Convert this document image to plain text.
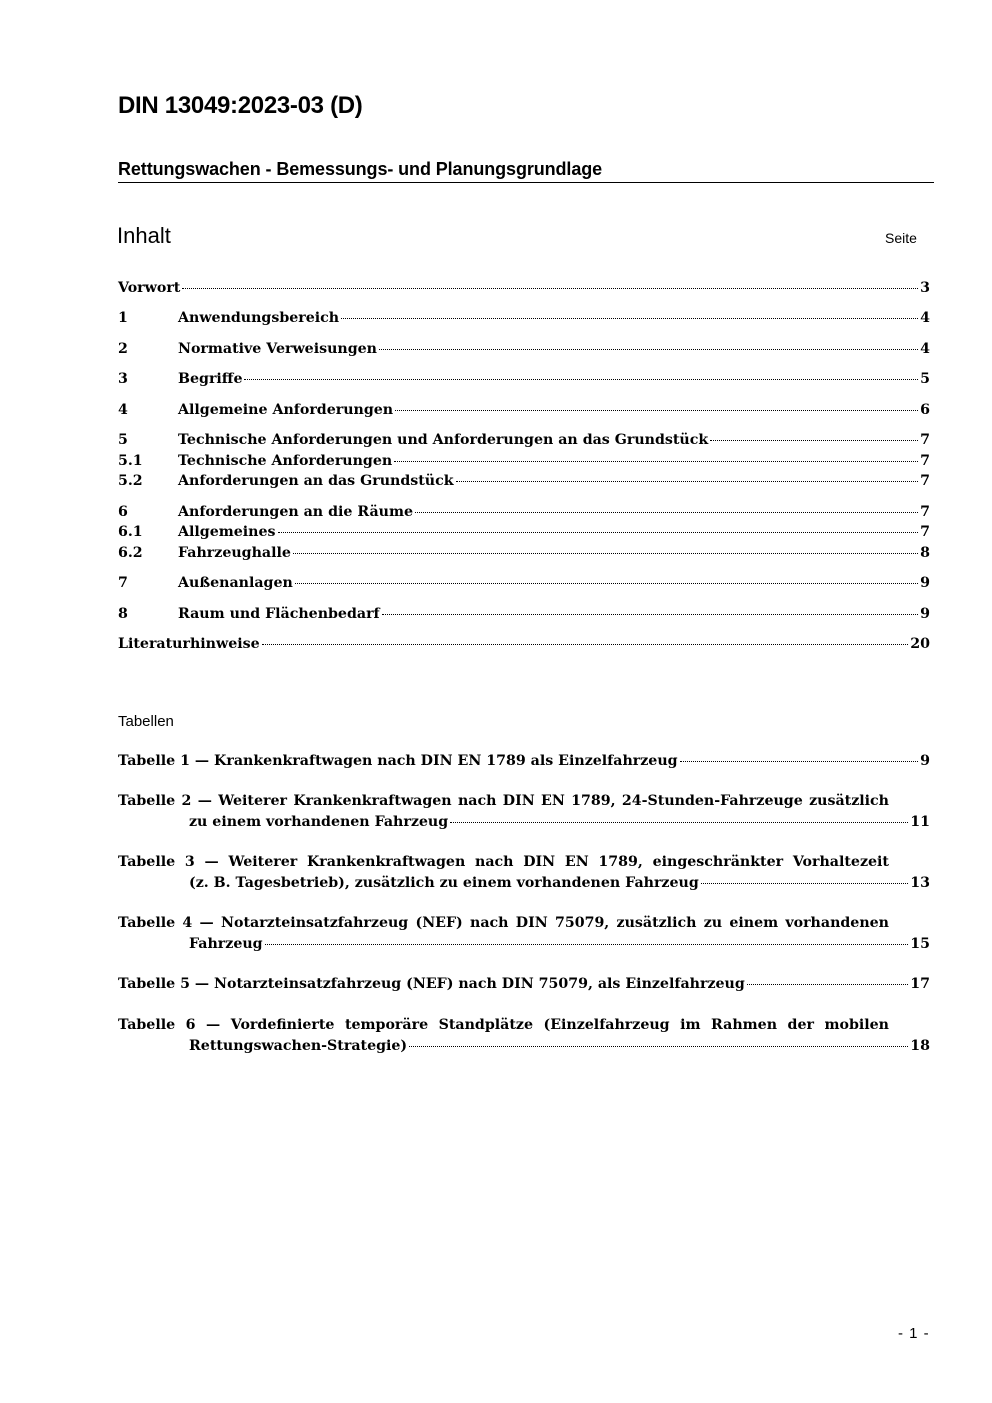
DIN 13049:2023-03 (D)
Rettungswachen - Bemessungs- und Planungsgrundlage
Inhalt	Seite
Vorwort	3
1	Anwendungsbereich	4
2	Normative Verweisungen	4
3	Begriffe	5
4	Allgemeine Anforderungen	6
5	Technische Anforderungen und Anforderungen an das Grundstück	7
5.1	Technische Anforderungen	7
5.2	Anforderungen an das Grundstück	7
6	Anforderungen an die Räume	7
6.1	Allgemeines	7
6.2	Fahrzeughalle	8
7	Außenanlagen	9
8	Raum und Flächenbedarf	9
Literaturhinweise	20
Tabellen
Tabelle 1 — Krankenkraftwagen nach DIN EN 1789 als Einzelfahrzeug	9
Tabelle 2 — Weiterer Krankenkraftwagen nach DIN EN 1789, 24-Stunden-Fahrzeuge zusätzlich
zu einem vorhandenen Fahrzeug	11
Tabelle 3 — Weiterer Krankenkraftwagen nach DIN EN 1789, eingeschränkter Vorhaltezeit
(z. B. Tagesbetrieb), zusätzlich zu einem vorhandenen Fahrzeug	13
Tabelle 4 — Notarzteinsatzfahrzeug (NEF) nach DIN 75079, zusätzlich zu einem vorhandenen
Fahrzeug	15
Tabelle 5 — Notarzteinsatzfahrzeug (NEF) nach DIN 75079, als Einzelfahrzeug	17
Tabelle 6 — Vordefinierte temporäre Standplätze (Einzelfahrzeug im Rahmen der mobilen
Rettungswachen-Strategie)	18
- 1 -
